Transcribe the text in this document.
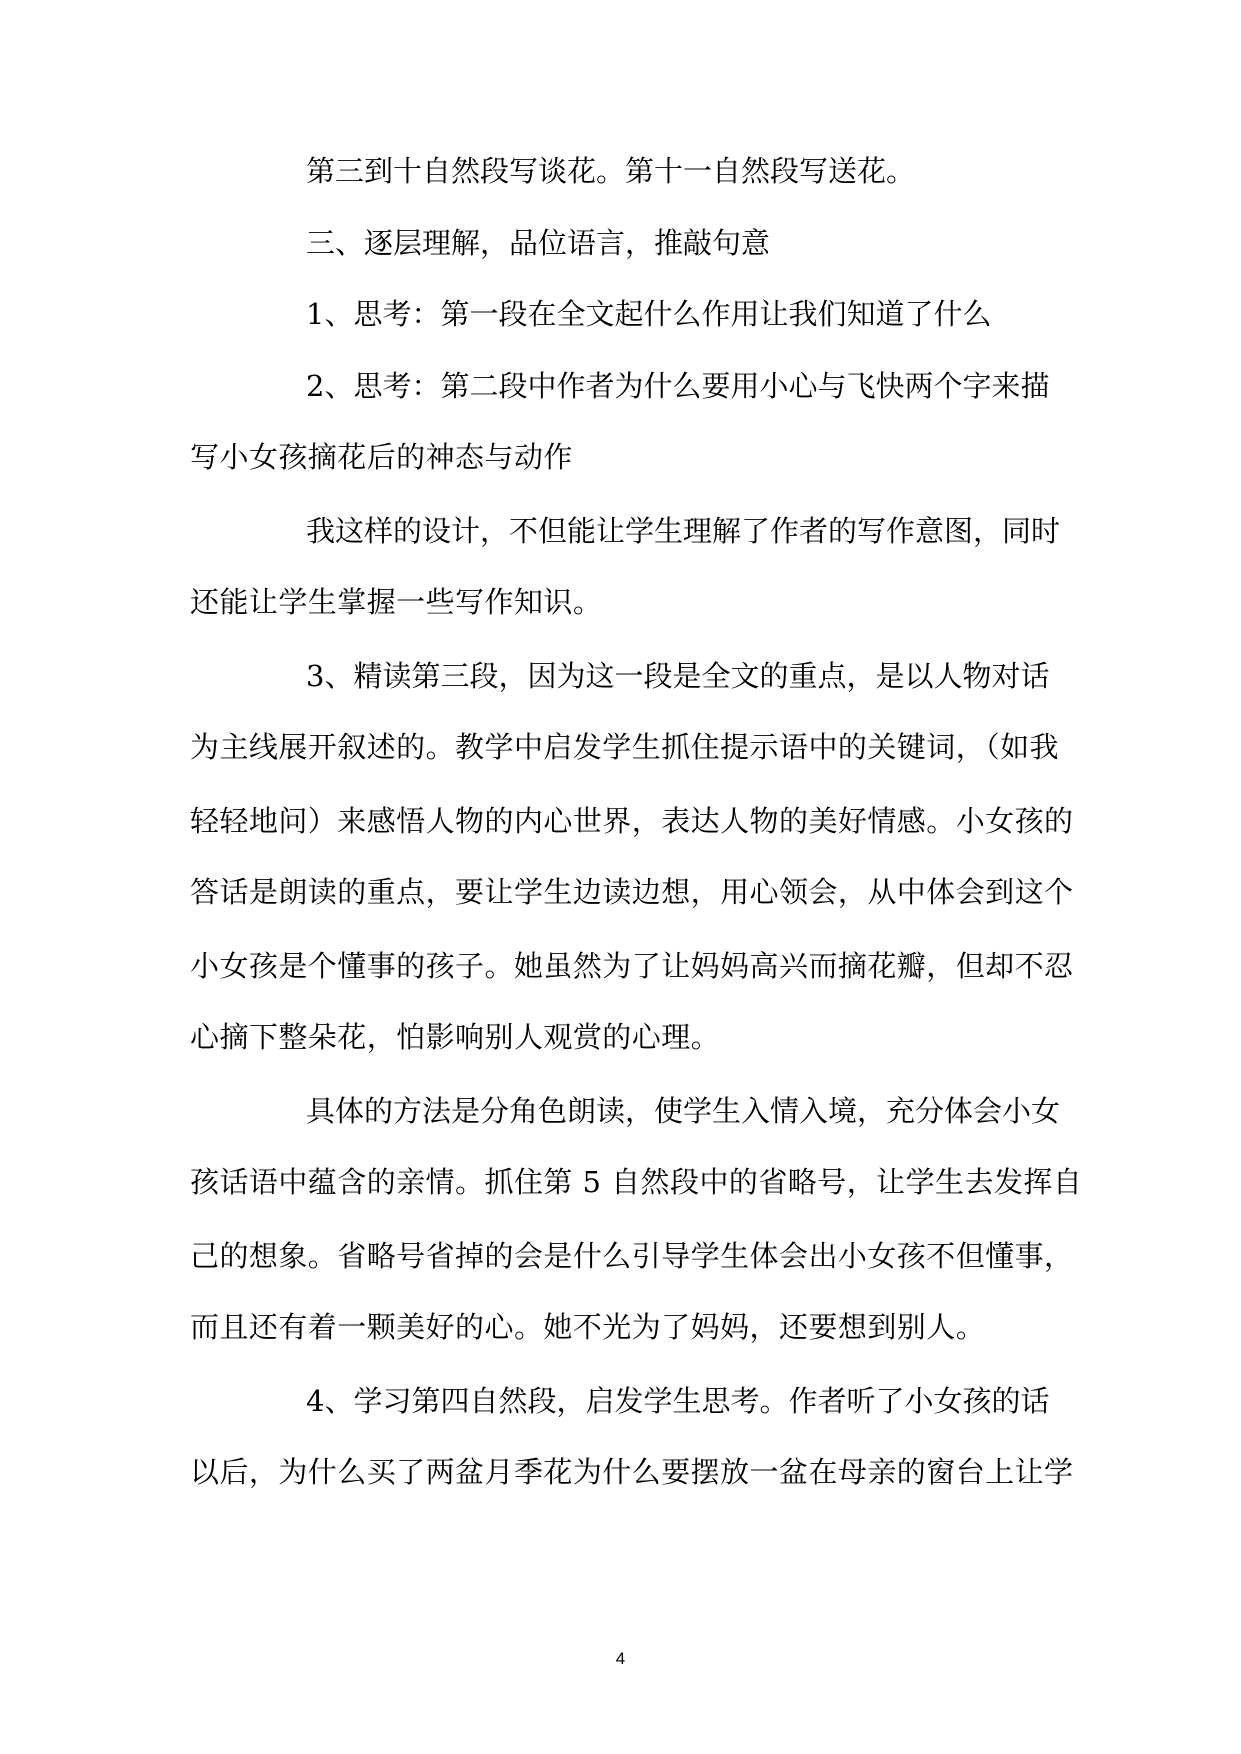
第三到十自然段写谈花。第十一自然段写送花。
三、逐层理解，品位语言，推敲句意
1、思考：第一段在全文起什么作用让我们知道了什么
2、思考：第二段中作者为什么要用小心与飞快两个字来描
写小女孩摘花后的神态与动作
我这样的设计，不但能让学生理解了作者的写作意图，同时
还能让学生掌握一些写作知识。
3、精读第三段，因为这一段是全文的重点，是以人物对话
为主线展开叙述的。教学中启发学生抓住提示语中的关键词，（如我
轻轻地问）来感悟人物的内心世界，表达人物的美好情感。小女孩的
答话是朗读的重点，要让学生边读边想，用心领会，从中体会到这个
小女孩是个懂事的孩子。她虽然为了让妈妈高兴而摘花瓣，但却不忍
心摘下整朵花，怕影响别人观赏的心理。
具体的方法是分角色朗读，使学生入情入境，充分体会小女
孩话语中蕴含的亲情。抓住第 5 自然段中的省略号，让学生去发挥自
己的想象。省略号省掉的会是什么引导学生体会出小女孩不但懂事，
而且还有着一颗美好的心。她不光为了妈妈，还要想到别人。
4、学习第四自然段，启发学生思考。作者听了小女孩的话
以后，为什么买了两盆月季花为什么要摆放一盆在母亲的窗台上让学
4
